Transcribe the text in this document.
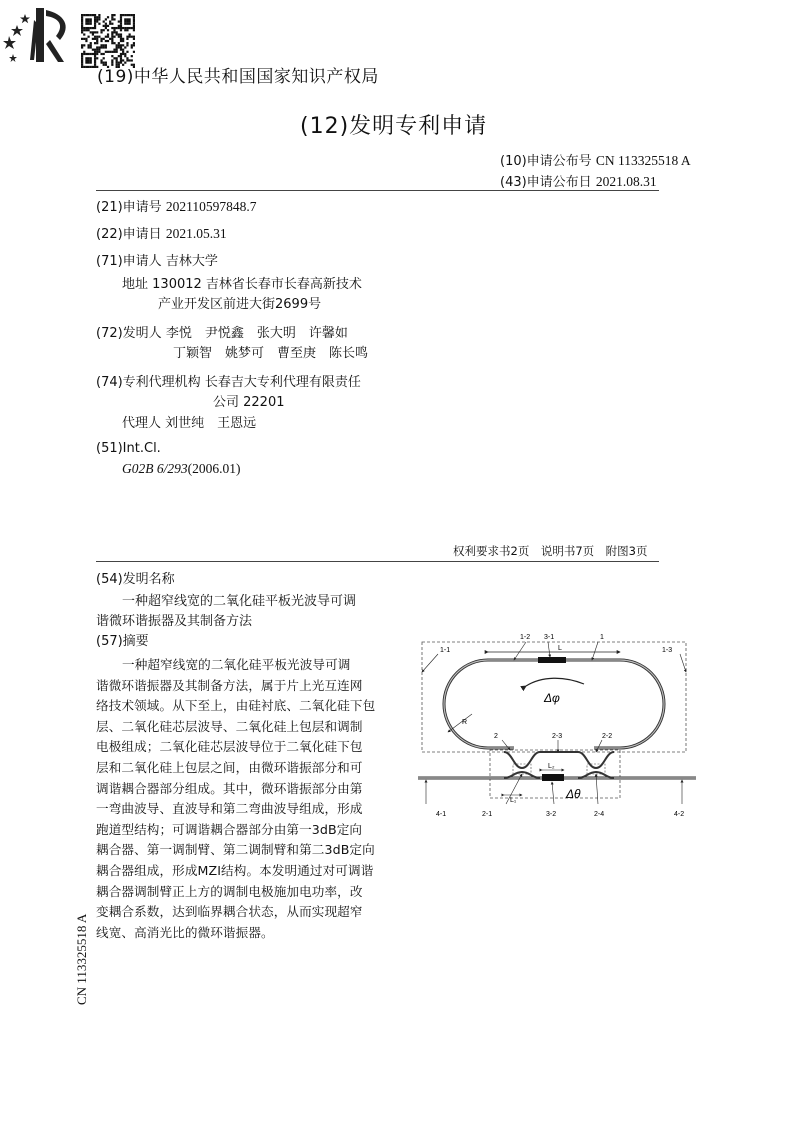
(19)中华人民共和国国家知识产权局

(12)发明专利申请
(10)申请公布号 CN 113325518 A
(43)申请公布日 2021.08.31
(21)申请号 202110597848.7
(22)申请日 2021.05.31
(71)申请人 吉林大学
地址 130012 吉林省长春市长春高新技术
产业开发区前进大街2699号
(72)发明人 李悦　尹悦鑫　张大明　许馨如
丁颖智　姚梦可　曹至庚　陈长鸣
(74)专利代理机构 长春吉大专利代理有限责任
公司 22201
代理人 刘世纯　王恩远
(51)Int.Cl.
G02B 6/293(2006.01)
权利要求书2页　说明书7页　附图3页
(54)发明名称
一种超窄线宽的二氧化硅平板光波导可调
谐微环谐振器及其制备方法
(57)摘要
一种超窄线宽的二氧化硅平板光波导可调
谐微环谐振器及其制备方法，属于片上光互连网
络技术领域。从下至上，由硅衬底、二氧化硅下包
层、二氧化硅芯层波导、二氧化硅上包层和调制
电极组成；二氧化硅芯层波导位于二氧化硅下包
层和二氧化硅上包层之间，由微环谐振部分和可
调谐耦合器部分组成。其中，微环谐振部分由第
一弯曲波导、直波导和第二弯曲波导组成，形成
跑道型结构；可调谐耦合器部分由第一3dB定向
耦合器、第一调制臂、第二调制臂和第二3dB定向
耦合器组成，形成MZI结构。本发明通过对可调谐
耦合器调制臂正上方的调制电极施加电功率，改
变耦合系数，达到临界耦合状态，从而实现超窄
线宽、高消光比的微环谐振器。
1-2 3-1	1
L
1-1	1-3
Δφ
R
2	2-3	2-2
L₂
L₁	Δθ
4-1	2-1	3-2	2-4	4-2
CN 113325518 A
